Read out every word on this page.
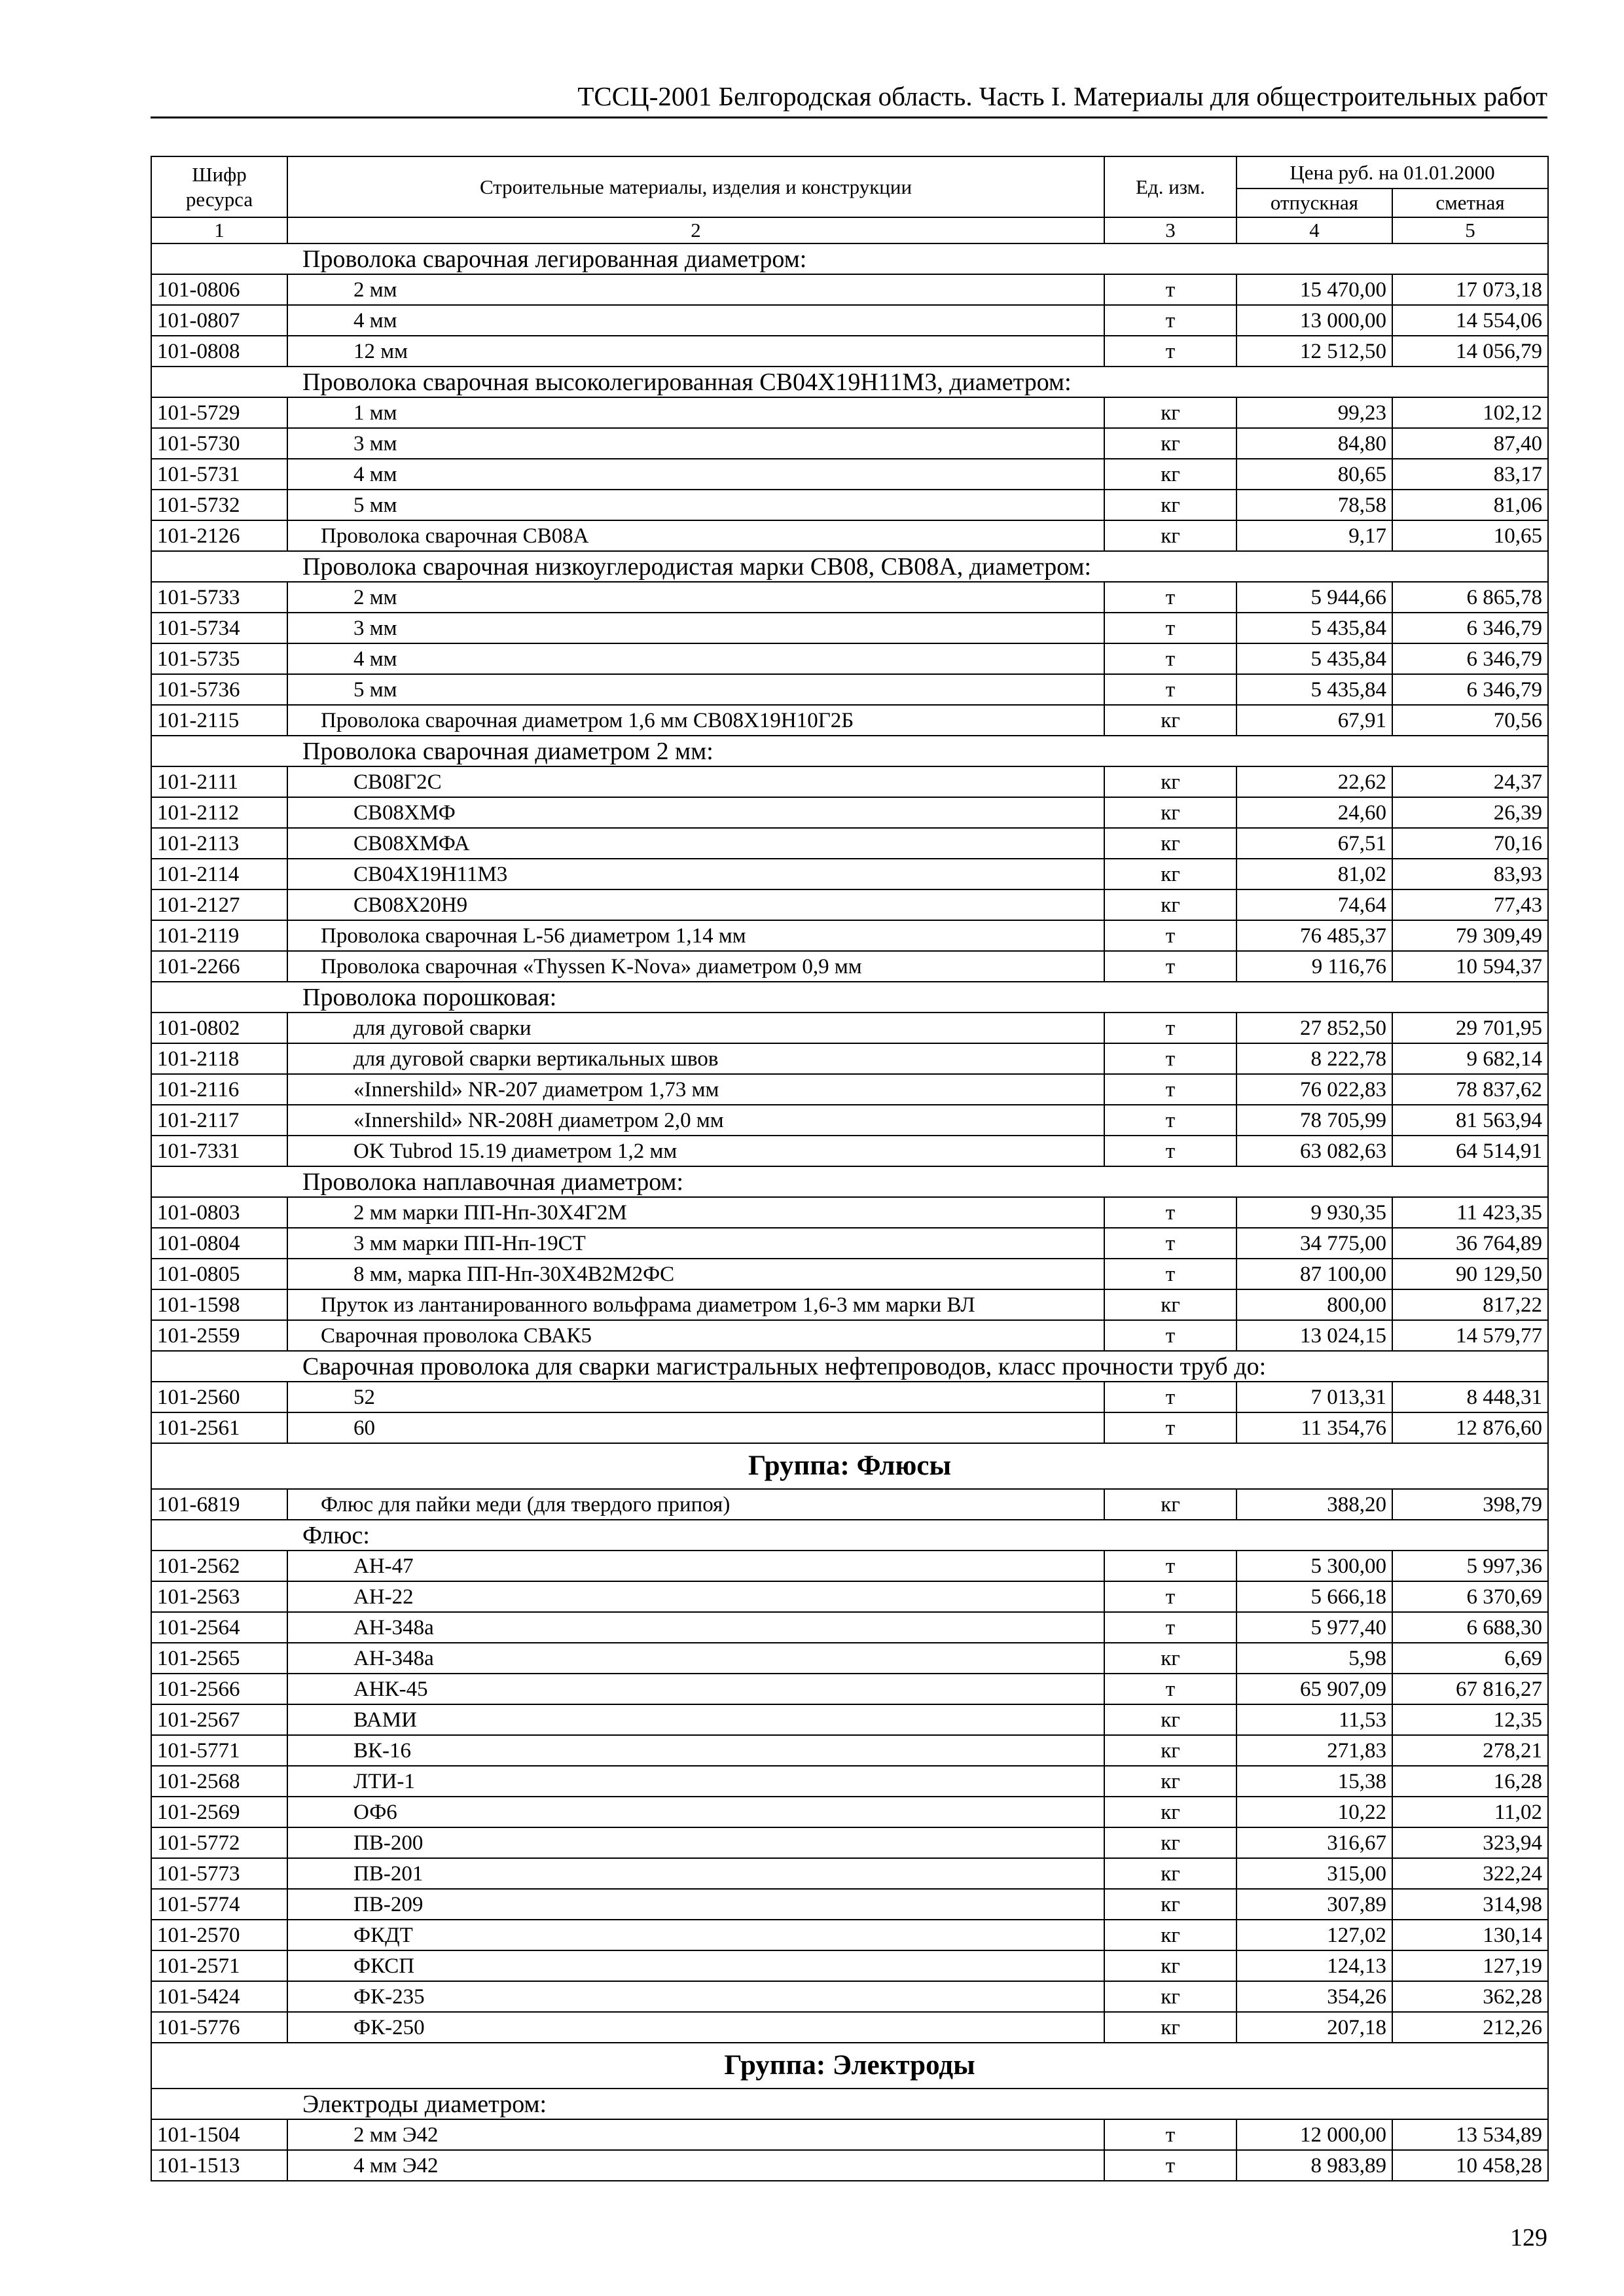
ТССЦ-2001 Белгородская область. Часть I. Материалы для общестроительных работ
Шифр ресурса	Строительные материалы, изделия и конструкции	Ед. изм.	Цена руб. на 01.01.2000	
			отпускная	сметная
1	2	3	4	5
Проволока сварочная легированная диаметром:				
101-0806	2 мм	т	15 470,00	17 073,18
101-0807	4 мм	т	13 000,00	14 554,06
101-0808	12 мм	т	12 512,50	14 056,79
Проволока сварочная высоколегированная СВ04Х19Н11М3, диаметром:				
101-5729	1 мм	кг	99,23	102,12
101-5730	3 мм	кг	84,80	87,40
101-5731	4 мм	кг	80,65	83,17
101-5732	5 мм	кг	78,58	81,06
101-2126	Проволока сварочная СВ08А	кг	9,17	10,65
Проволока сварочная низкоуглеродистая марки СВ08, СВ08А, диаметром:				
101-5733	2 мм	т	5 944,66	6 865,78
101-5734	3 мм	т	5 435,84	6 346,79
101-5735	4 мм	т	5 435,84	6 346,79
101-5736	5 мм	т	5 435,84	6 346,79
101-2115	Проволока сварочная диаметром 1,6 мм СВ08Х19Н10Г2Б	кг	67,91	70,56
Проволока сварочная диаметром 2 мм:				
101-2111	СВ08Г2С	кг	22,62	24,37
101-2112	СВ08ХМФ	кг	24,60	26,39
101-2113	СВ08ХМФА	кг	67,51	70,16
101-2114	СВ04Х19Н11М3	кг	81,02	83,93
101-2127	СВ08Х20Н9	кг	74,64	77,43
101-2119	Проволока сварочная L-56 диаметром 1,14 мм	т	76 485,37	79 309,49
101-2266	Проволока сварочная «Thyssen K-Nova» диаметром 0,9 мм	т	9 116,76	10 594,37
Проволока порошковая:				
101-0802	для дуговой сварки	т	27 852,50	29 701,95
101-2118	для дуговой сварки вертикальных швов	т	8 222,78	9 682,14
101-2116	«Innershild» NR-207 диаметром 1,73 мм	т	76 022,83	78 837,62
101-2117	«Innershild» NR-208Н диаметром 2,0 мм	т	78 705,99	81 563,94
101-7331	OK Tubrod 15.19 диаметром 1,2 мм	т	63 082,63	64 514,91
Проволока наплавочная диаметром:				
101-0803	2 мм марки ПП-Нп-30Х4Г2М	т	9 930,35	11 423,35
101-0804	3 мм марки ПП-Нп-19СТ	т	34 775,00	36 764,89
101-0805	8 мм, марка ПП-Нп-30Х4В2М2ФС	т	87 100,00	90 129,50
101-1598	Пруток из лантанированного вольфрама диаметром 1,6-3 мм марки ВЛ	кг	800,00	817,22
101-2559	Сварочная проволока СВАК5	т	13 024,15	14 579,77
Сварочная проволока для сварки магистральных нефтепроводов, класс прочности труб до:				
101-2560	52	т	7 013,31	8 448,31
101-2561	60	т	11 354,76	12 876,60
Группа: Флюсы				
101-6819	Флюс для пайки меди (для твердого припоя)	кг	388,20	398,79
Флюс:				
101-2562	АН-47	т	5 300,00	5 997,36
101-2563	АН-22	т	5 666,18	6 370,69
101-2564	АН-348а	т	5 977,40	6 688,30
101-2565	АН-348а	кг	5,98	6,69
101-2566	АНК-45	т	65 907,09	67 816,27
101-2567	ВАМИ	кг	11,53	12,35
101-5771	ВК-16	кг	271,83	278,21
101-2568	ЛТИ-1	кг	15,38	16,28
101-2569	ОФ6	кг	10,22	11,02
101-5772	ПВ-200	кг	316,67	323,94
101-5773	ПВ-201	кг	315,00	322,24
101-5774	ПВ-209	кг	307,89	314,98
101-2570	ФКДТ	кг	127,02	130,14
101-2571	ФКСП	кг	124,13	127,19
101-5424	ФК-235	кг	354,26	362,28
101-5776	ФК-250	кг	207,18	212,26
Группа: Электроды				
Электроды диаметром:				
101-1504	2 мм Э42	т	12 000,00	13 534,89
101-1513	4 мм Э42	т	8 983,89	10 458,28
129
